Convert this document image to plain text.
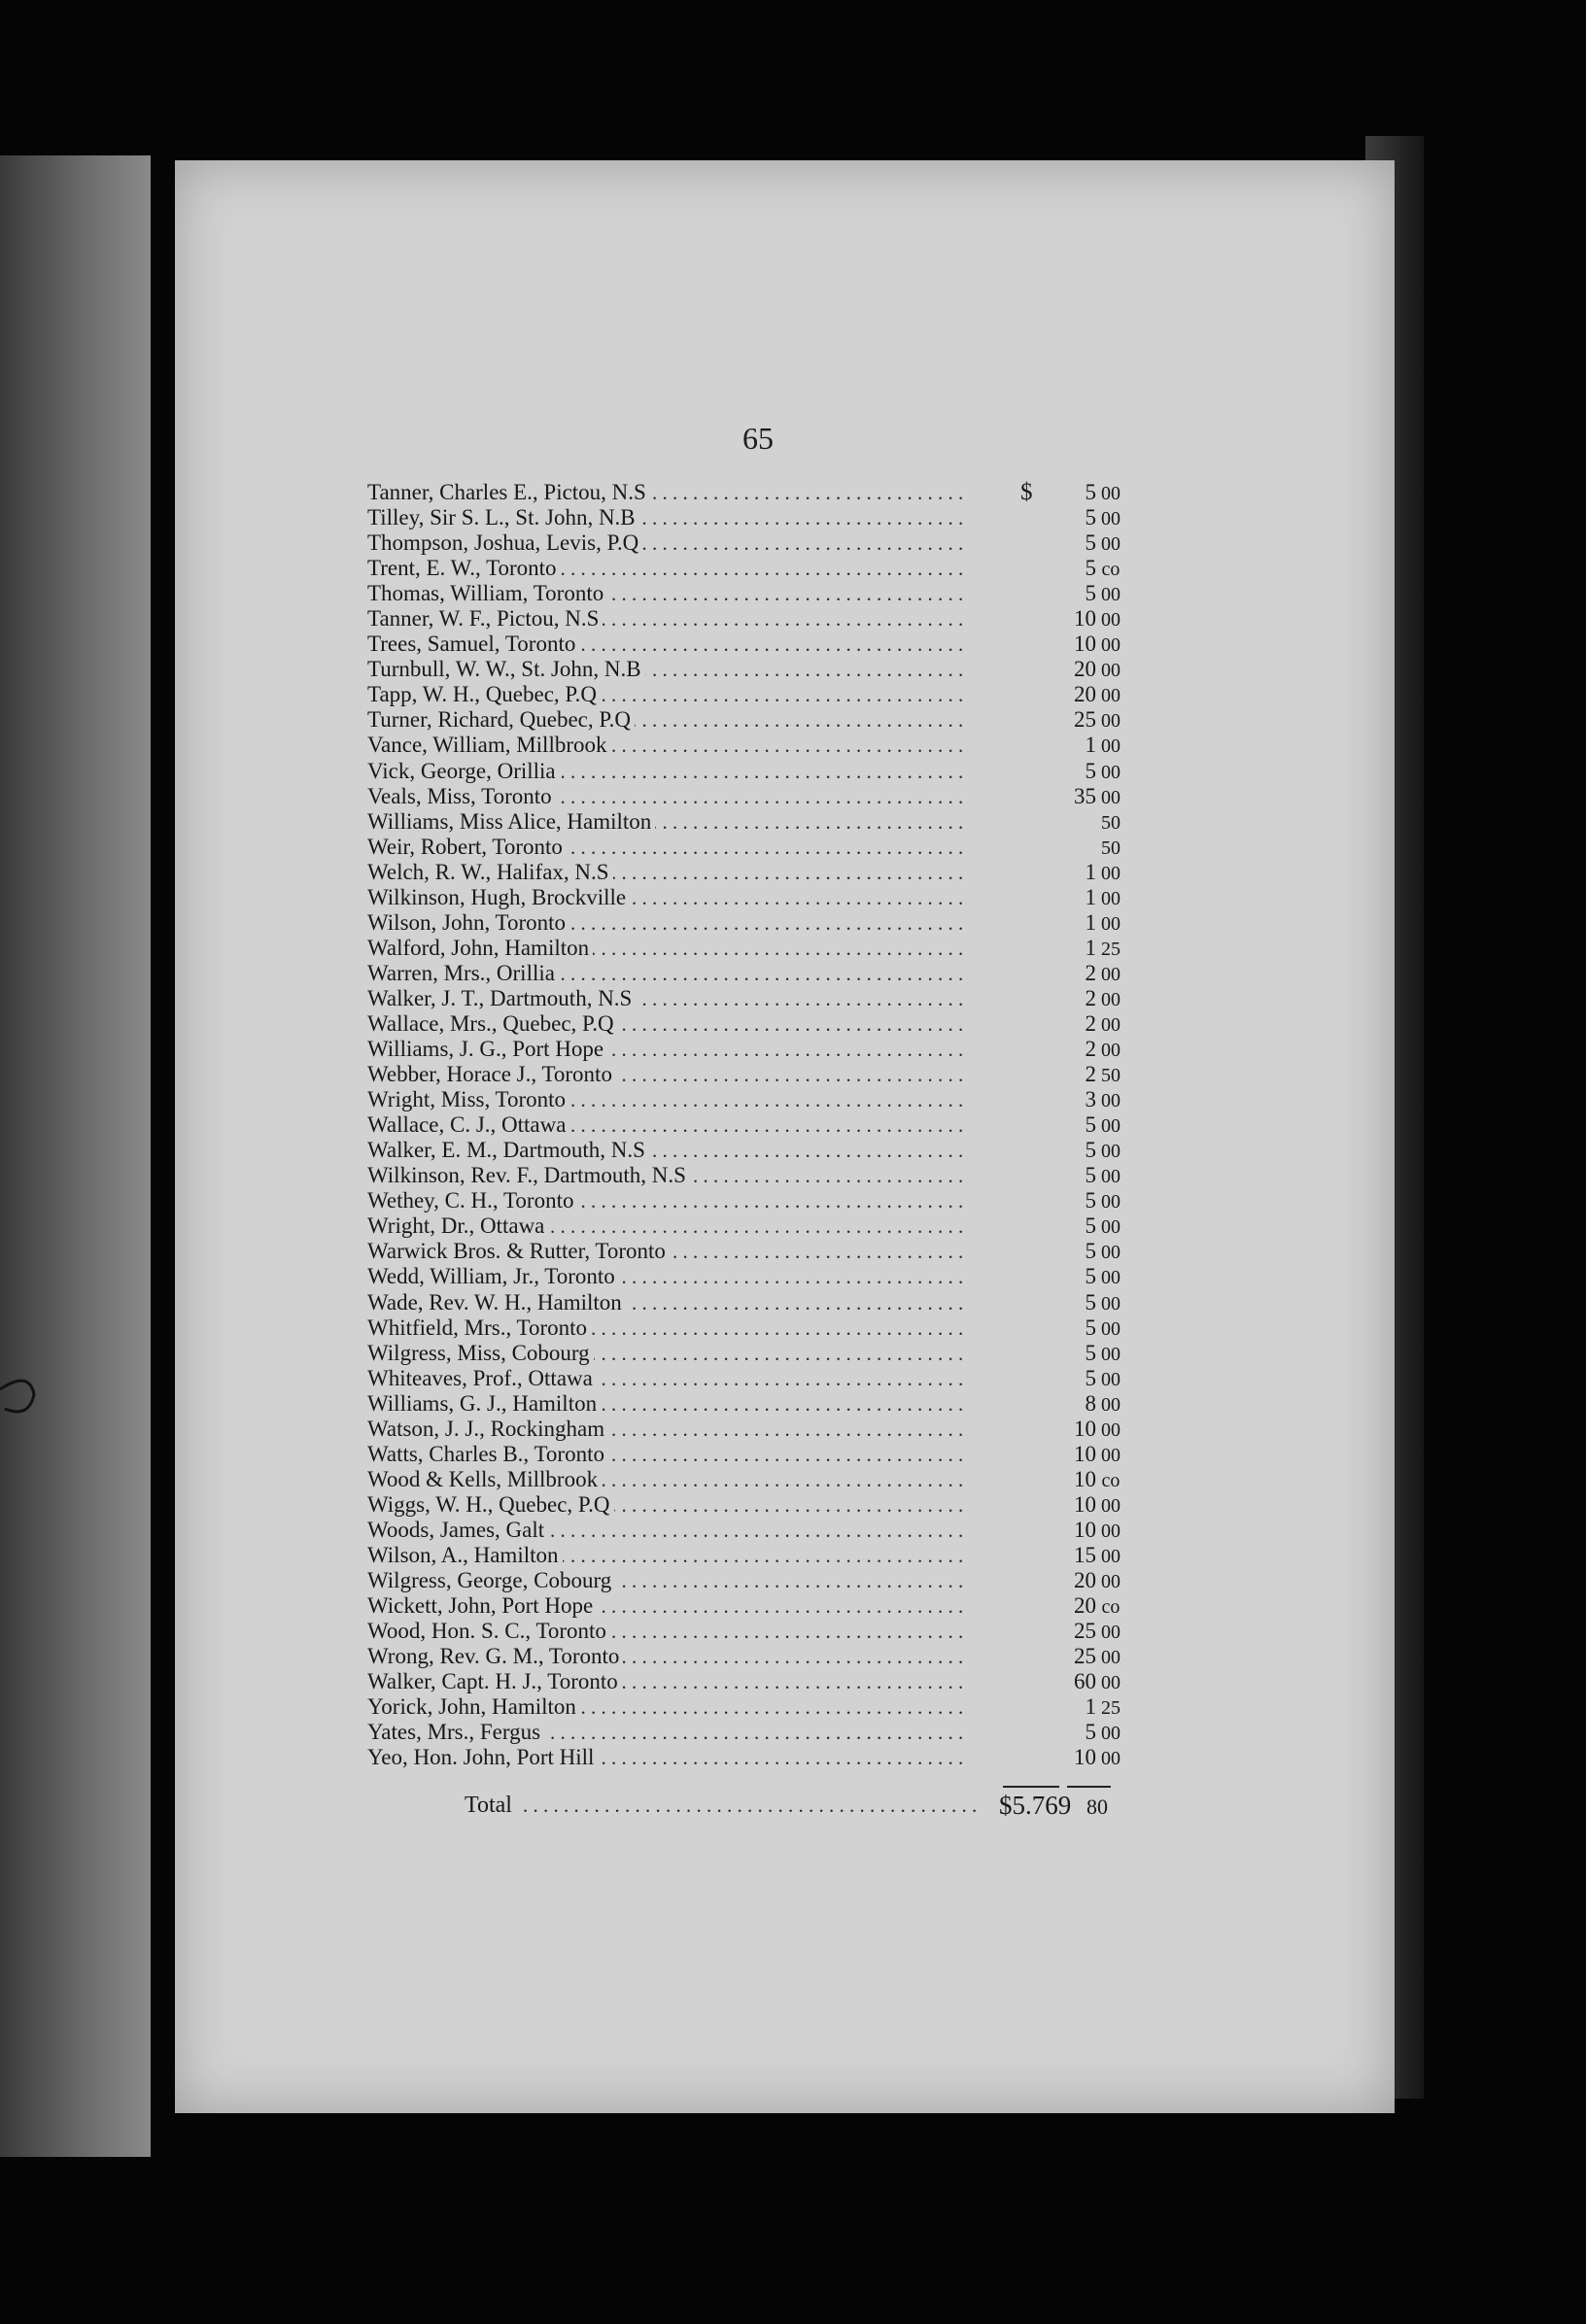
65
. . .
Tanner, Charles E., Pictou, N.S	$	5 00
. . .
Tilley, Sir S. L., St. John, N.B	5 00
. . .
Thompson, Joshua, Levis, P.Q	5 00
. . .
Trent, E. W., Toronto	5 co
. . .
Thomas, William, Toronto	5 00
. . .
Tanner, W. F., Pictou, N.S	10 00
. . .
Trees, Samuel, Toronto	10 00
. . .
Turnbull, W. W., St. John, N.B	20 00
. . .
Tapp, W. H., Quebec, P.Q	20 00
. . .
Turner, Richard, Quebec, P.Q	25 00
. . .
Vance, William, Millbrook	1 00
. . .
Vick, George, Orillia	5 00
. . .
Veals, Miss, Toronto	35 00
. . .
Williams, Miss Alice, Hamilton	50
. . .
Weir, Robert, Toronto	50
. . .
Welch, R. W., Halifax, N.S	1 00
. . .
Wilkinson, Hugh, Brockville	1 00
. . .
Wilson, John, Toronto	1 00
. . .
Walford, John, Hamilton	1 25
. . .
Warren, Mrs., Orillia	2 00
. . .
Walker, J. T., Dartmouth, N.S	2 00
. . .
Wallace, Mrs., Quebec, P.Q	2 00
. . .
Williams, J. G., Port Hope	2 00
. . .
Webber, Horace J., Toronto	2 50
. . .
Wright, Miss, Toronto	3 00
. . .
Wallace, C. J., Ottawa	5 00
. . .
Walker, E. M., Dartmouth, N.S	5 00
. . .
Wilkinson, Rev. F., Dartmouth, N.S	5 00
. . .
Wethey, C. H., Toronto	5 00
. . .
Wright, Dr., Ottawa	5 00
. . .
Warwick Bros. & Rutter, Toronto	5 00
. . .
Wedd, William, Jr., Toronto	5 00
. . .
Wade, Rev. W. H., Hamilton	5 00
. . .
Whitfield, Mrs., Toronto	5 00
. . .
Wilgress, Miss, Cobourg	5 00
. . .
Whiteaves, Prof., Ottawa	5 00
. . .
Williams, G. J., Hamilton	8 00
. . .
Watson, J. J., Rockingham	10 00
. . .
Watts, Charles B., Toronto	10 00
. . .
Wood & Kells, Millbrook	10 co
. . .
Wiggs, W. H., Quebec, P.Q	10 00
. . .
Woods, James, Galt	10 00
. . .
Wilson, A., Hamilton	15 00
. . .
Wilgress, George, Cobourg	20 00
. . .
Wickett, John, Port Hope	20 co
. . .
Wood, Hon. S. C., Toronto	25 00
. . .
Wrong, Rev. G. M., Toronto	25 00
. . .
Walker, Capt. H. J., Toronto	60 00
. . .
Yorick, John, Hamilton	1 25
. . .
Yates, Mrs., Fergus	5 00
. . .
Yeo, Hon. John, Port Hill	10 00
Total
. . .	$5.769 80
